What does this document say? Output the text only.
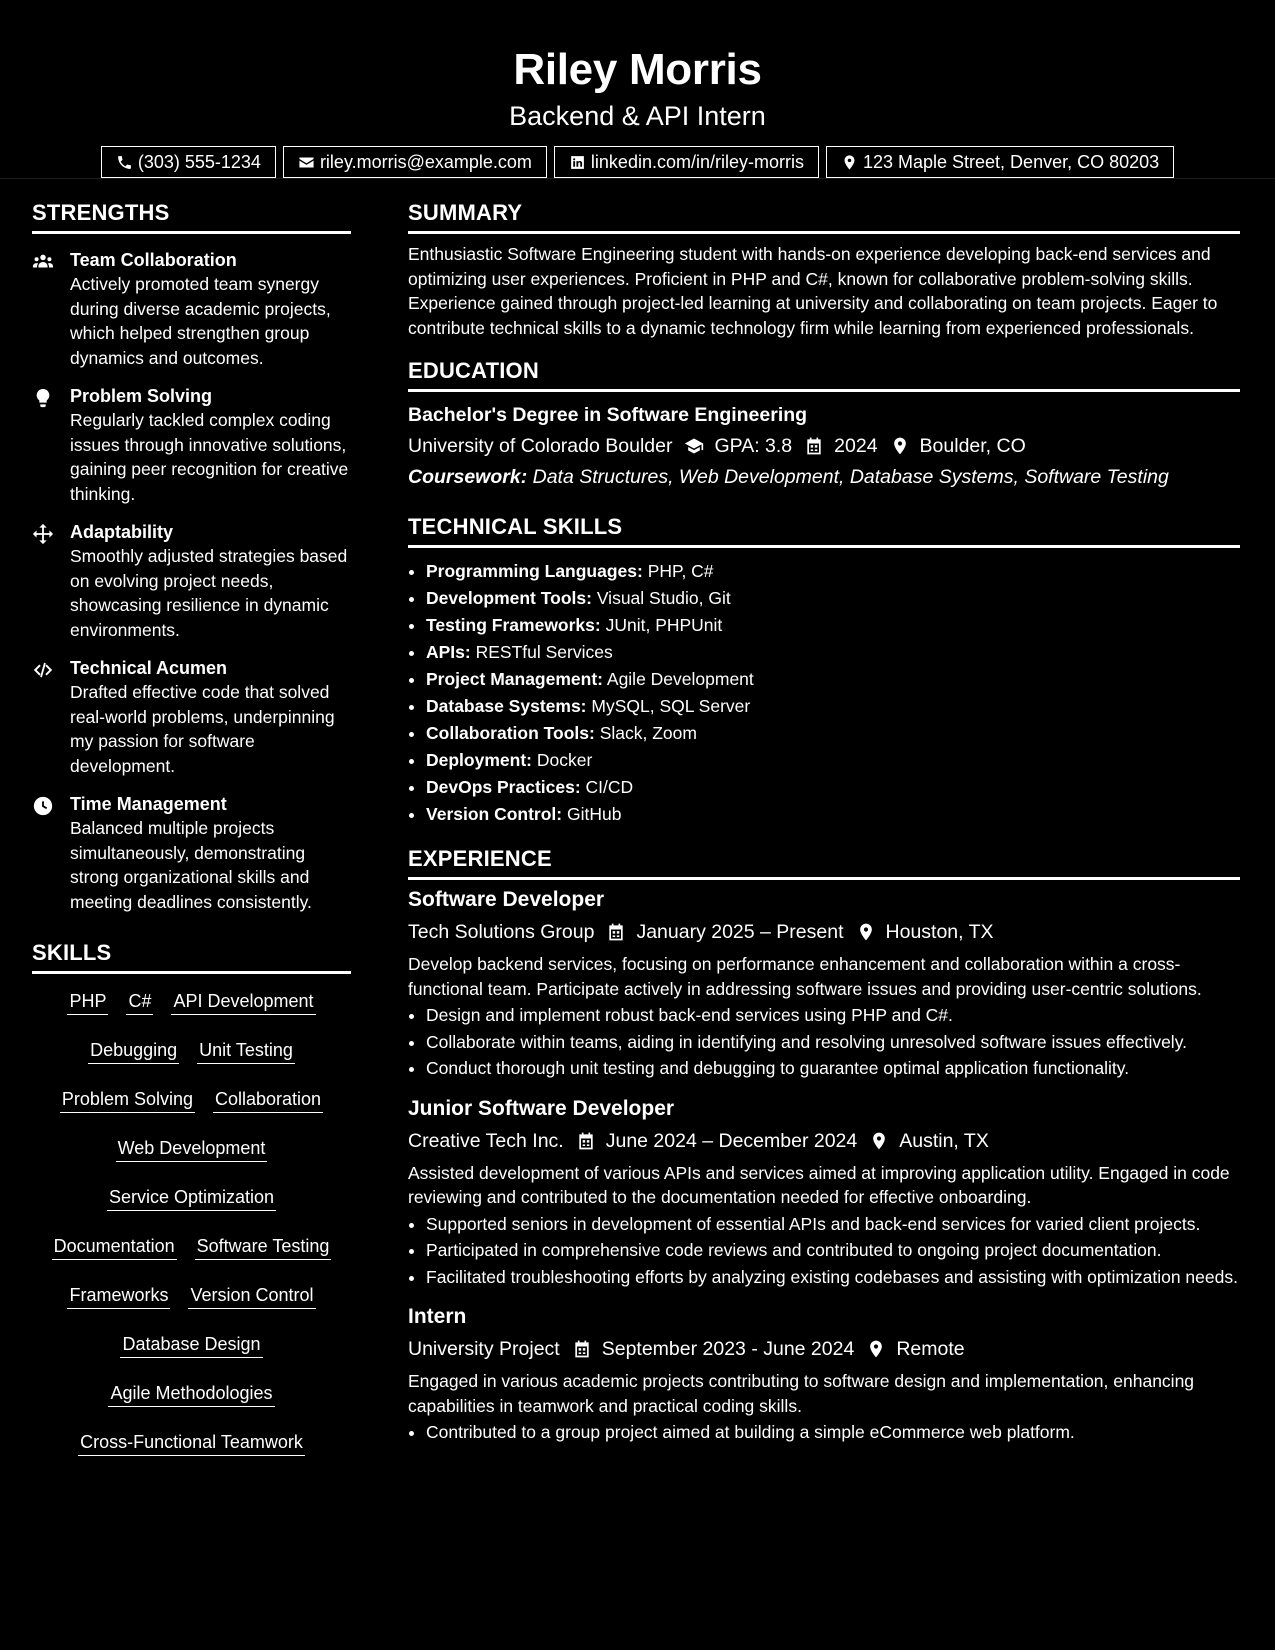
Riley Morris
Backend & API Intern
(303) 555-1234	riley.morris@example.com	linkedin.com/in/riley-morris	123 Maple Street, Denver, CO 80203
STRENGTHS
Team Collaboration
Actively promoted team synergy during diverse academic projects, which helped strengthen group dynamics and outcomes.
Problem Solving
Regularly tackled complex coding issues through innovative solutions, gaining peer recognition for creative thinking.
Adaptability
Smoothly adjusted strategies based on evolving project needs, showcasing resilience in dynamic environments.
Technical Acumen
Drafted effective code that solved real-world problems, underpinning my passion for software development.
Time Management
Balanced multiple projects simultaneously, demonstrating strong organizational skills and meeting deadlines consistently.
SKILLS
PHP C# API Development
Debugging Unit Testing
Problem Solving Collaboration
Web Development
Service Optimization
Documentation Software Testing
Frameworks Version Control
Database Design
Agile Methodologies
Cross-Functional Teamwork
SUMMARY
Enthusiastic Software Engineering student with hands-on experience developing back-end services and optimizing user experiences. Proficient in PHP and C#, known for collaborative problem-solving skills. Experience gained through project-led learning at university and collaborating on team projects. Eager to contribute technical skills to a dynamic technology firm while learning from experienced professionals.
EDUCATION
Bachelor's Degree in Software Engineering
University of Colorado Boulder GPA: 3.8 2024 Boulder, CO
Coursework: Data Structures, Web Development, Database Systems, Software Testing
TECHNICAL SKILLS
• Programming Languages: PHP, C#
• Development Tools: Visual Studio, Git
• Testing Frameworks: JUnit, PHPUnit
• APIs: RESTful Services
• Project Management: Agile Development
• Database Systems: MySQL, SQL Server
• Collaboration Tools: Slack, Zoom
• Deployment: Docker
• DevOps Practices: CI/CD
• Version Control: GitHub
EXPERIENCE
Software Developer
Tech Solutions Group January 2025 – Present Houston, TX
Develop backend services, focusing on performance enhancement and collaboration within a cross-functional team. Participate actively in addressing software issues and providing user-centric solutions.
• Design and implement robust back-end services using PHP and C#.
• Collaborate within teams, aiding in identifying and resolving unresolved software issues effectively.
• Conduct thorough unit testing and debugging to guarantee optimal application functionality.
Junior Software Developer
Creative Tech Inc. June 2024 – December 2024 Austin, TX
Assisted development of various APIs and services aimed at improving application utility. Engaged in code reviewing and contributed to the documentation needed for effective onboarding.
• Supported seniors in development of essential APIs and back-end services for varied client projects.
• Participated in comprehensive code reviews and contributed to ongoing project documentation.
• Facilitated troubleshooting efforts by analyzing existing codebases and assisting with optimization needs.
Intern
University Project September 2023 - June 2024 Remote
Engaged in various academic projects contributing to software design and implementation, enhancing capabilities in teamwork and practical coding skills.
• Contributed to a group project aimed at building a simple eCommerce web platform.
